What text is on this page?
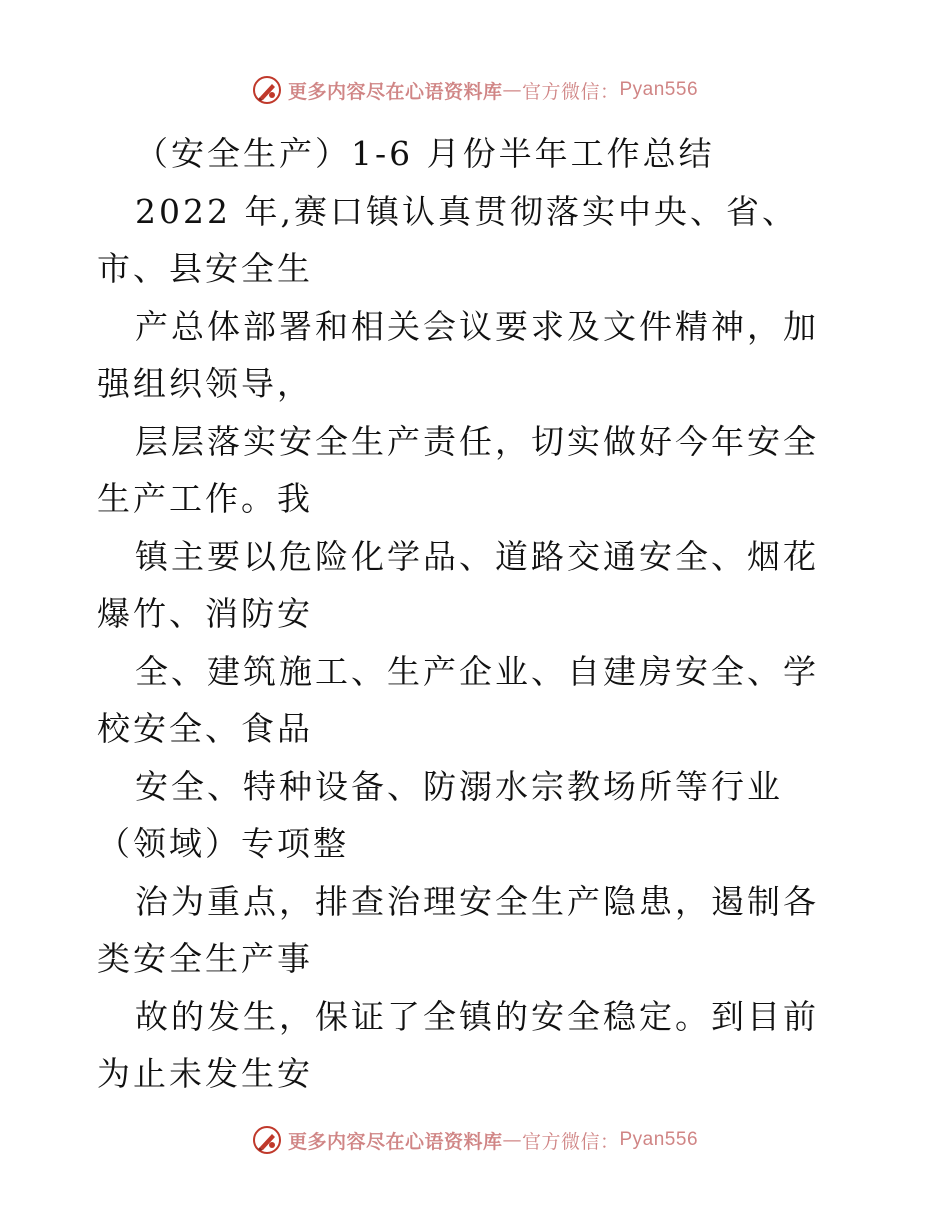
更多内容尽在心语资料库 — 官方微信： Pyan556

（安全生产）1-6 月份半年工作总结

2022 年,赛口镇认真贯彻落实中央、省、市、县安全生

产总体部署和相关会议要求及文件精神，加强组织领导，

层层落实安全生产责任，切实做好今年安全生产工作。我

镇主要以危险化学品、道路交通安全、烟花爆竹、消防安

全、建筑施工、生产企业、自建房安全、学校安全、食品

安全、特种设备、防溺水宗教场所等行业（领域）专项整

治为重点，排查治理安全生产隐患，遏制各类安全生产事

故的发生，保证了全镇的安全稳定。到目前为止未发生安

更多内容尽在心语资料库 — 官方微信： Pyan556
